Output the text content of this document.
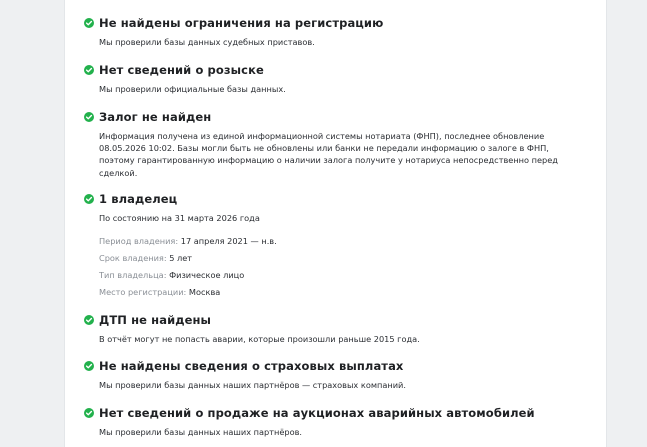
Не найдены ограничения на регистрацию
Мы проверили базы данных судебных приставов.
Нет сведений о розыске
Мы проверили официальные базы данных.
Залог не найден
Информация получена из единой информационной системы нотариата (ФНП), последнее обновление 08.05.2026 10:02. Базы могли быть не обновлены или банки не передали информацию о залоге в ФНП, поэтому гарантированную информацию о наличии залога получите у нотариуса непосредственно перед сделкой.
1 владелец
По состоянию на 31 марта 2026 года
Период владения: 17 апреля 2021 — н.в.
Срок владения: 5 лет
Тип владельца: Физическое лицо
Место регистрации: Москва
ДТП не найдены
В отчёт могут не попасть аварии, которые произошли раньше 2015 года.
Не найдены сведения о страховых выплатах
Мы проверили базы данных наших партнёров — страховых компаний.
Нет сведений о продаже на аукционах аварийных автомобилей
Мы проверили базы данных наших партнёров.
